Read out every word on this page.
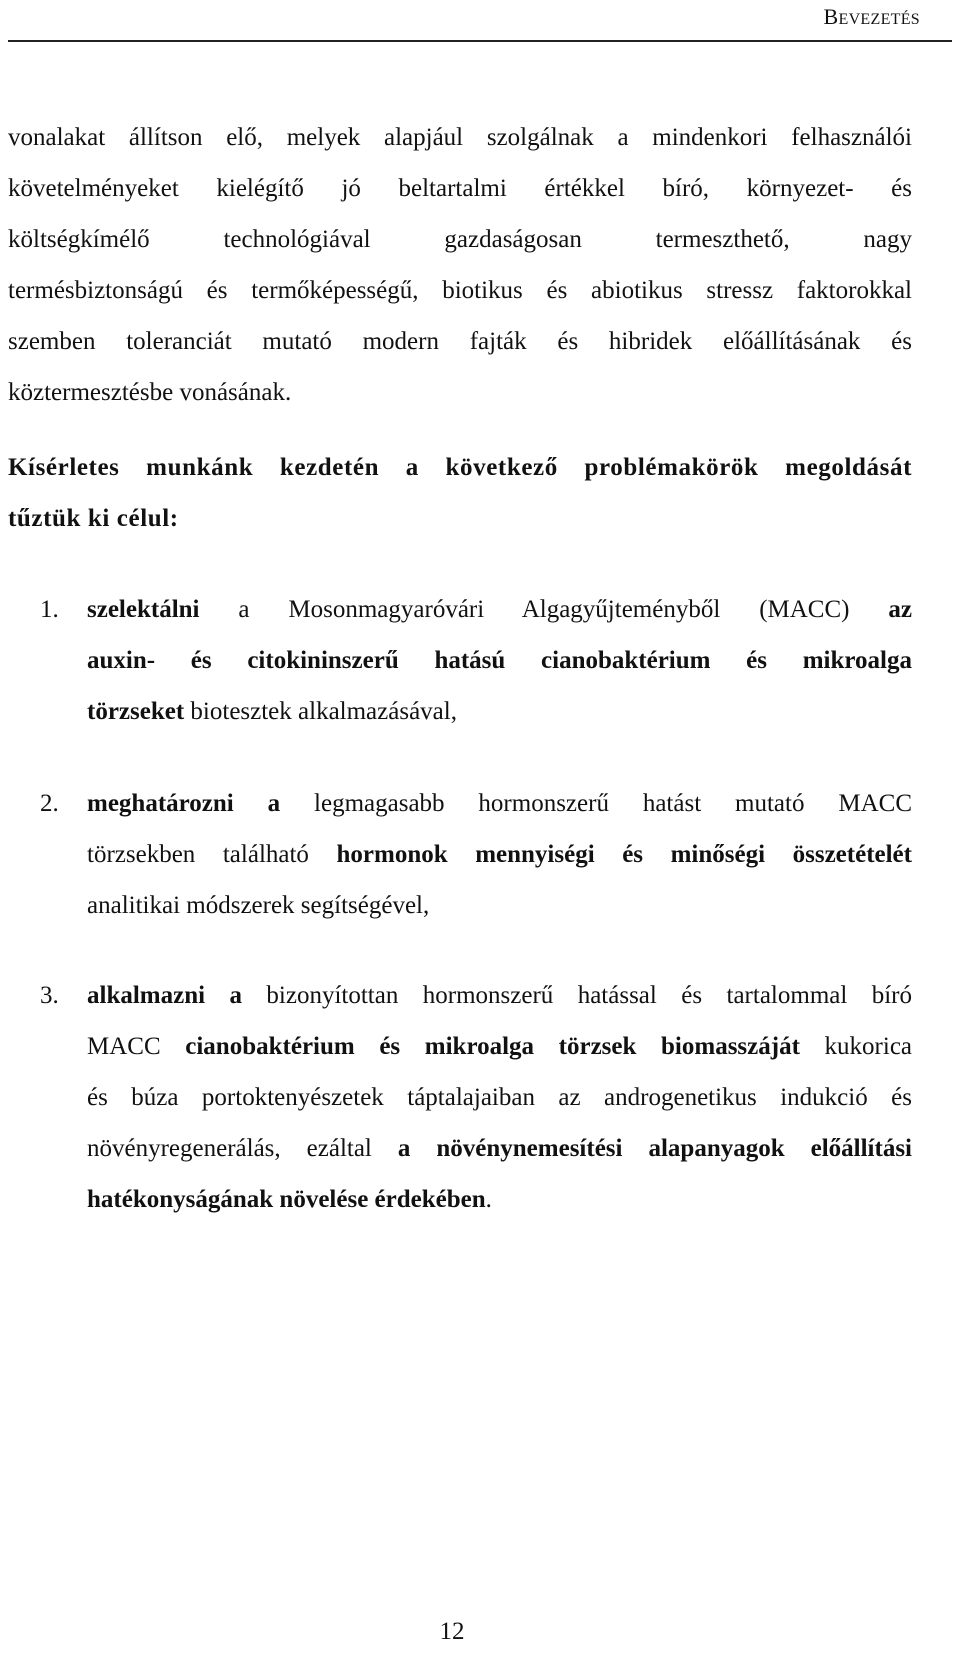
BEVEZETÉS
vonalakat állítson elő, melyek alapjául szolgálnak a mindenkori felhasználói
követelményeket kielégítő jó beltartalmi értékkel bíró, környezet- és
költségkímélő technológiával gazdaságosan termeszthető, nagy
termésbiztonságú és termőképességű, biotikus és abiotikus stressz faktorokkal
szemben toleranciát mutató modern fajták és hibridek előállításának és
köztermesztésbe vonásának.
Kísérletes munkánk kezdetén a következő problémakörök megoldását
tűztük ki célul:
1. szelektálni a Mosonmagyaróvári Algagyűjteményből (MACC) az
auxin- és citokininszerű hatású cianobaktérium és mikroalga
törzseket biotesztek alkalmazásával,
2. meghatározni a legmagasabb hormonszerű hatást mutató MACC
törzsekben található hormonok mennyiségi és minőségi összetételét
analitikai módszerek segítségével,
3. alkalmazni a bizonyítottan hormonszerű hatással és tartalommal bíró
MACC cianobaktérium és mikroalga törzsek biomasszáját kukorica
és búza portoktenyészetek táptalajaiban az androgenetikus indukció és
növényregenerálás, ezáltal a növénynemesítési alapanyagok előállítási
hatékonyságának növelése érdekében.
12
